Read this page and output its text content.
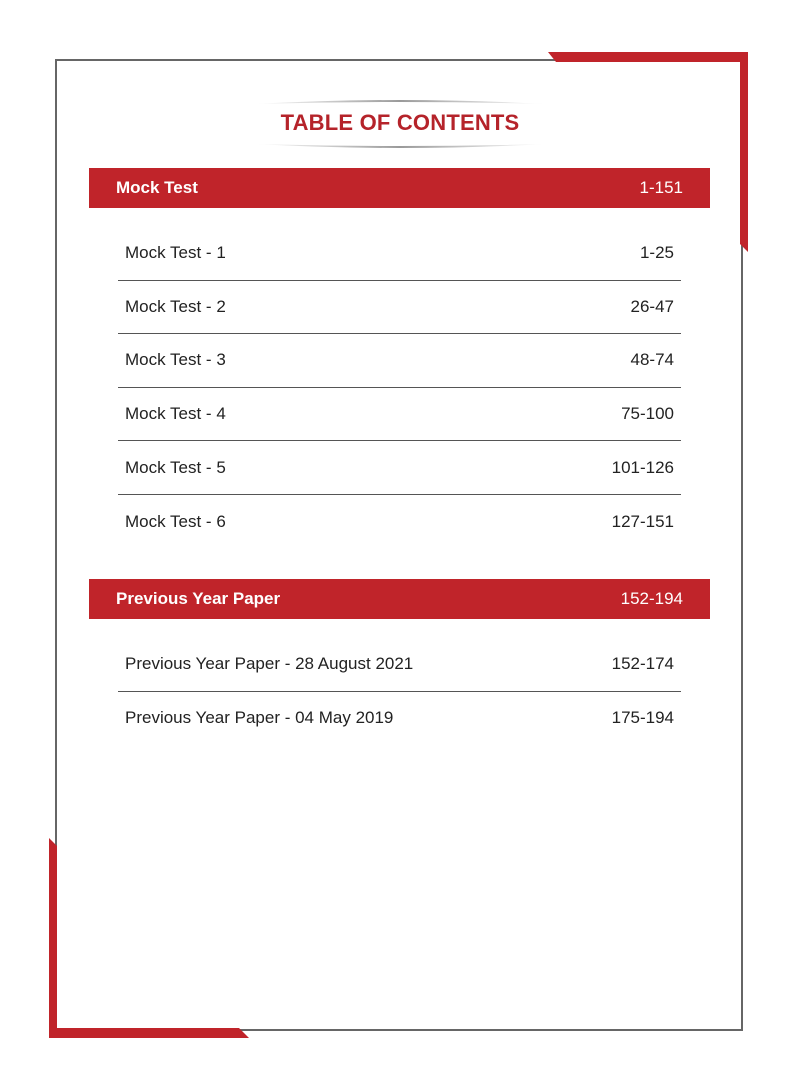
TABLE OF CONTENTS
Mock Test	1-151
Mock Test - 1	1-25
Mock Test - 2	26-47
Mock Test - 3	48-74
Mock Test - 4	75-100
Mock Test - 5	101-126
Mock Test - 6	127-151
Previous Year Paper	152-194
Previous Year Paper - 28 August 2021	152-174
Previous Year Paper - 04 May 2019	175-194
